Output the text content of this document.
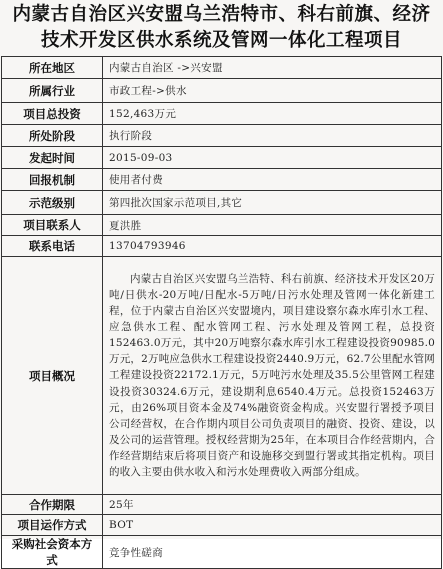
内蒙古自治区兴安盟乌兰浩特市、科右前旗、经济技术开发区供水系统及管网一体化工程项目
所在地区	内蒙古自治区 ->兴安盟
所属行业	市政工程->供水
项目总投资	152,463万元
所处阶段	执行阶段
发起时间	2015-09-03
回报机制	使用者付费
示范级别	第四批次国家示范项目,其它
项目联系人	夏洪胜
联系电话	13704793946
项目概况	内蒙古自治区兴安盟乌兰浩特、科右前旗、经济技术开发区20万吨/日供水-20万吨/日配水-5万吨/日污水处理及管网一体化新建工程，位于内蒙古自治区兴安盟境内，项目建设察尔森水库引水工程、应急供水工程、配水管网工程、污水处理及管网工程，总投资152463.0万元，其中20万吨察尔森水库引水工程建设投资90985.0万元，2万吨应急供水工程建设投资2440.9万元，62.7公里配水管网工程建设投资22172.1万元，5万吨污水处理及35.5公里管网工程建设投资30324.6万元，建设期利息6540.4万元。总投资152463万元，由26%项目资本金及74%融资资金构成。兴安盟行署授予项目公司经营权，在合作期内项目公司负责项目的融资、投资、建设，以及公司的运营管理。授权经营期为25年，在本项目合作经营期内，合作经营期结束后将项目资产和设施移交到盟行署或其指定机构。项目的收入主要由供水收入和污水处理费收入两部分组成。
合作期限	25年
项目运作方式	BOT
采购社会资本方式	竞争性磋商
